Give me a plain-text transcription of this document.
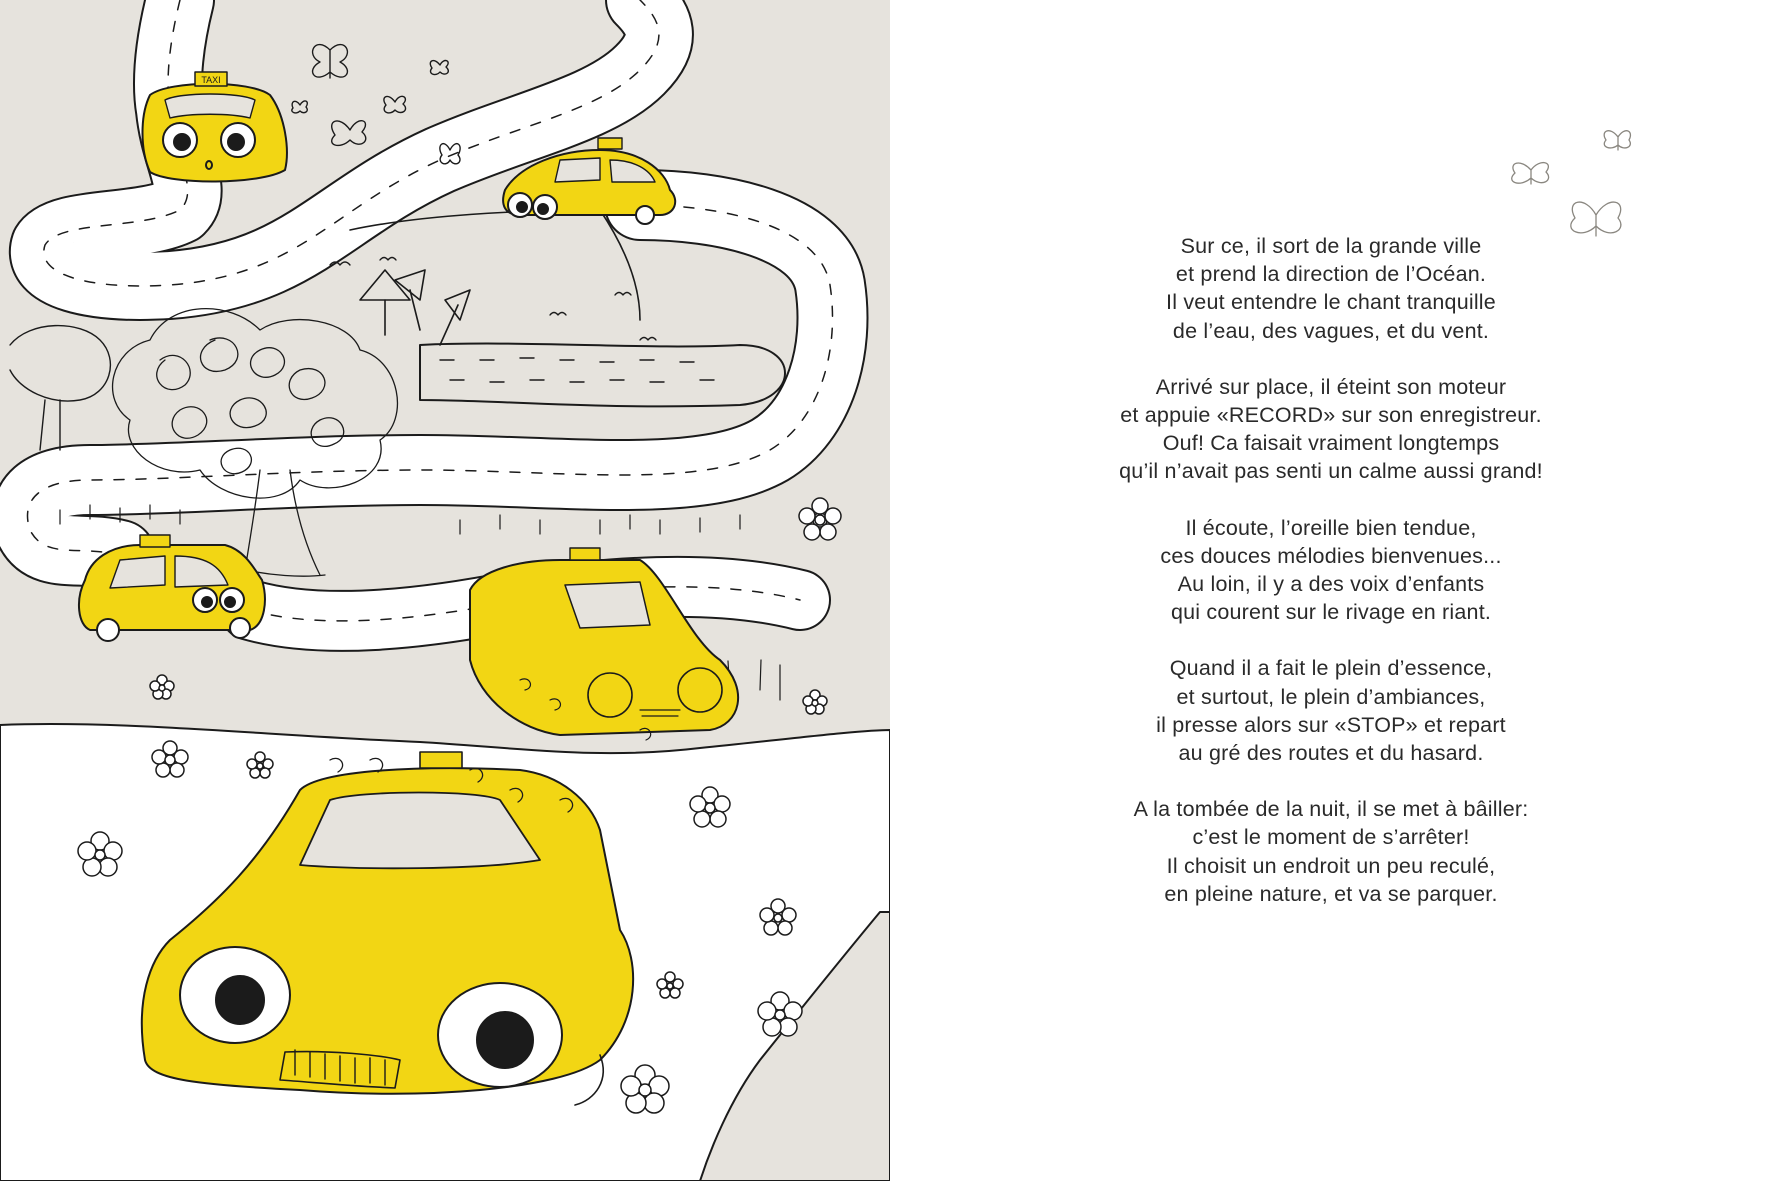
TAXI

Sur ce, il sort de la grande ville
et prend la direction de l’Océan.
Il veut entendre le chant tranquille
de l’eau, des vagues, et du vent.

Arrivé sur place, il éteint son moteur
et appuie «RECORD» sur son enregistreur.
Ouf! Ca faisait vraiment longtemps
qu’il n’avait pas senti un calme aussi grand!

Il écoute, l’oreille bien tendue,
ces douces mélodies bienvenues...
Au loin, il y a des voix d’enfants
qui courent sur le rivage en riant.

Quand il a fait le plein d’essence,
et surtout, le plein d’ambiances,
il presse alors sur «STOP» et repart
au gré des routes et du hasard.

A la tombée de la nuit, il se met à bâiller:
c’est le moment de s’arrêter!
Il choisit un endroit un peu reculé,
en pleine nature, et va se parquer.
